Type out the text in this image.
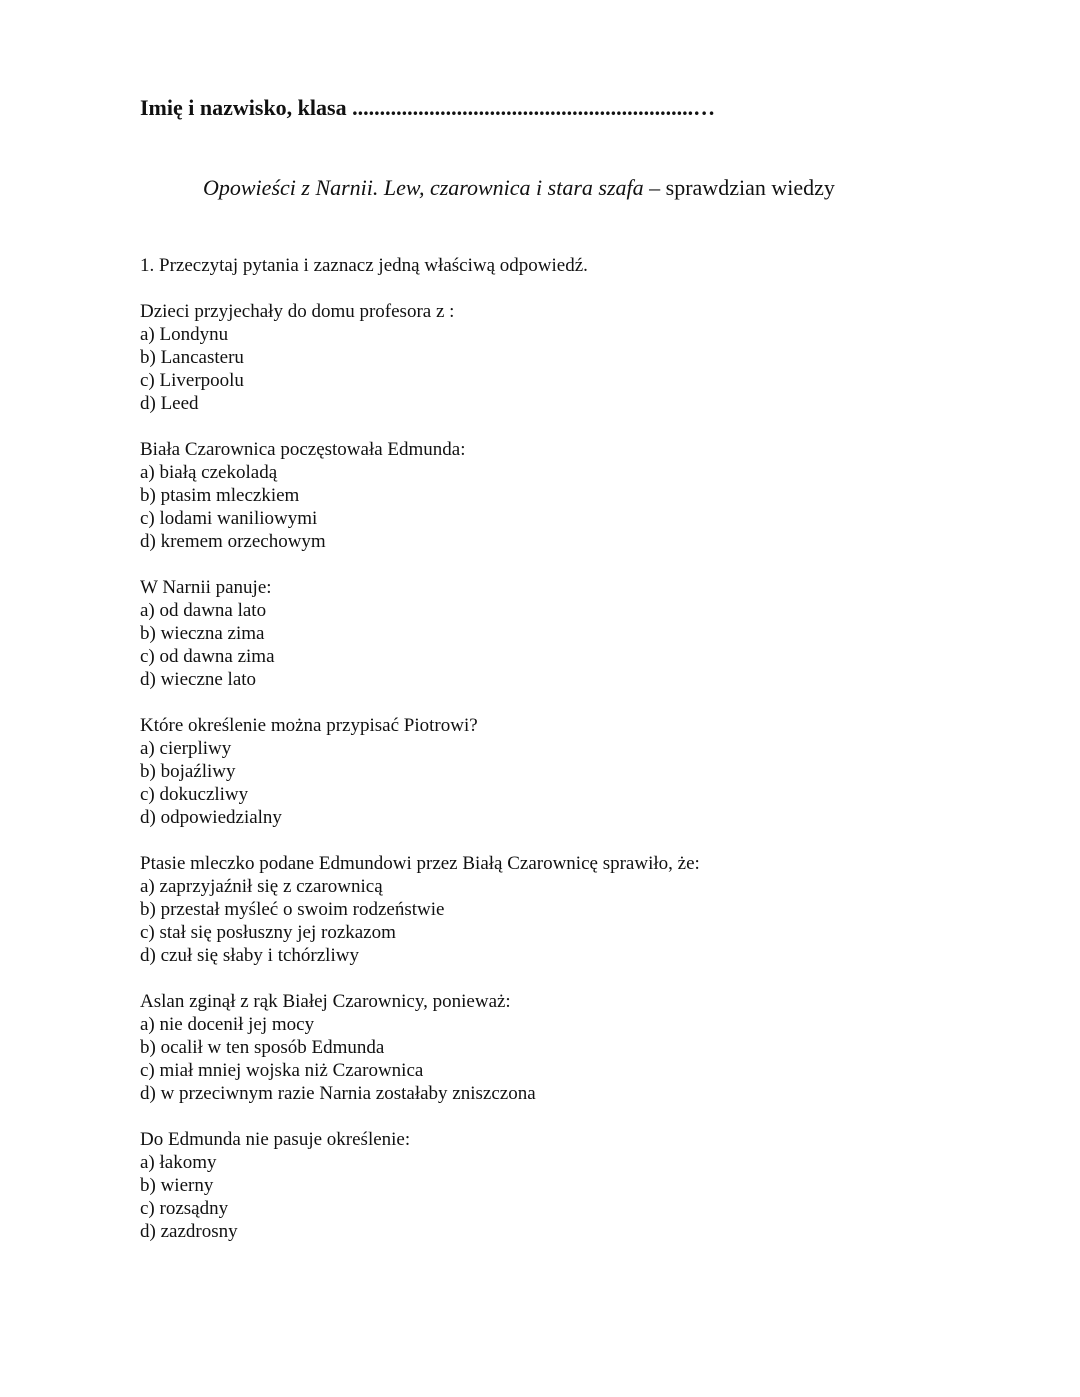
Imię i nazwisko, klasa ..............................................................…
Opowieści z Narnii. Lew, czarownica i stara szafa – sprawdzian wiedzy
1. Przeczytaj pytania i zaznacz jedną właściwą odpowiedź.
Dzieci przyjechały do domu profesora z :
a) Londynu
b) Lancasteru
c) Liverpoolu
d) Leed
Biała Czarownica poczęstowała Edmunda:
a) białą czekoladą
b) ptasim mleczkiem
c) lodami waniliowymi
d) kremem orzechowym
W Narnii panuje:
a) od dawna lato
b) wieczna zima
c) od dawna zima
d) wieczne lato
Które określenie można przypisać Piotrowi?
a) cierpliwy
b) bojaźliwy
c) dokuczliwy
d) odpowiedzialny
Ptasie mleczko podane Edmundowi przez Białą Czarownicę sprawiło, że:
a) zaprzyjaźnił się z czarownicą
b) przestał myśleć o swoim rodzeństwie
c) stał się posłuszny jej rozkazom
d) czuł się słaby i tchórzliwy
Aslan zginął z rąk Białej Czarownicy, ponieważ:
a) nie docenił jej mocy
b) ocalił w ten sposób Edmunda
c) miał mniej wojska niż Czarownica
d) w przeciwnym razie Narnia zostałaby zniszczona
Do Edmunda nie pasuje określenie:
a) łakomy
b) wierny
c) rozsądny
d) zazdrosny
